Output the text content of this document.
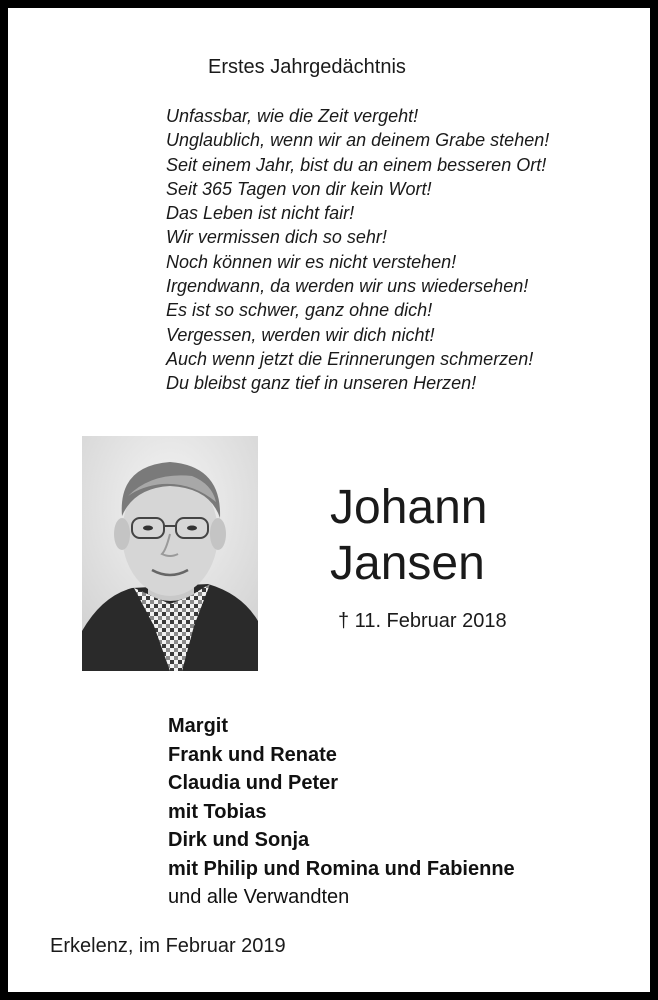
Erstes Jahrgedächtnis
Unfassbar, wie die Zeit vergeht!
Unglaublich, wenn wir an deinem Grabe stehen!
Seit einem Jahr, bist du an einem besseren Ort!
Seit 365 Tagen von dir kein Wort!
Das Leben ist nicht fair!
Wir vermissen dich so sehr!
Noch können wir es nicht verstehen!
Irgendwann, da werden wir uns wiedersehen!
Es ist so schwer, ganz ohne dich!
Vergessen, werden wir dich nicht!
Auch wenn jetzt die Erinnerungen schmerzen!
Du bleibst ganz tief in unseren Herzen!
Johann
Jansen
† 11. Februar 2018
Margit
Frank und Renate
Claudia und Peter
mit Tobias
Dirk und Sonja
mit Philip und Romina und Fabienne
und alle Verwandten
Erkelenz, im Februar 2019
